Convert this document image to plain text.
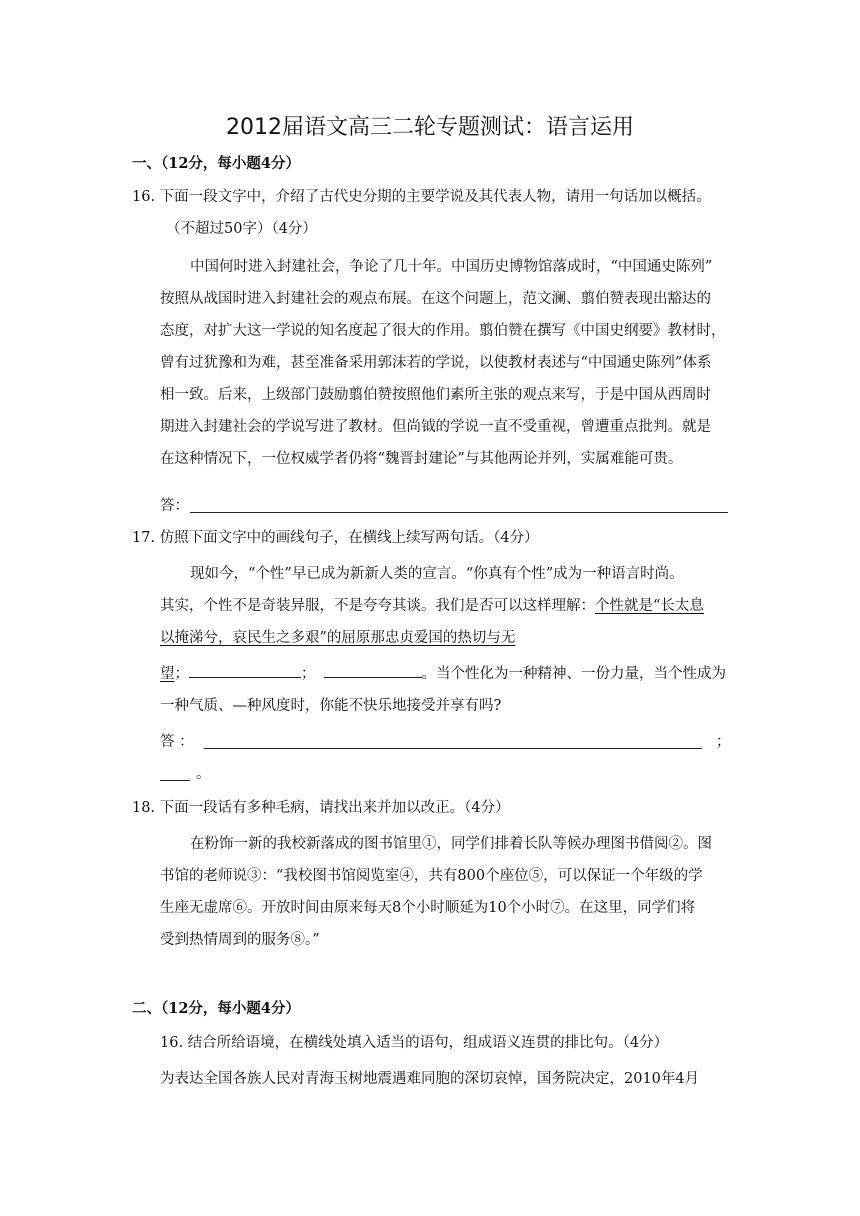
2012届语文高三二轮专题测试：语言运用
一、（12分，每小题4分）
16. 下面一段文字中，介绍了古代史分期的主要学说及其代表人物，请用一句话加以概括。
（不超过50字）（4分）
中国何时进入封建社会，争论了几十年。中国历史博物馆落成时，“中国通史陈列”
按照从战国时进入封建社会的观点布展。在这个问题上，范文澜、翦伯赞表现出豁达的
态度，对扩大这一学说的知名度起了很大的作用。翦伯赞在撰写《中国史纲要》教材时，
曾有过犹豫和为难，甚至准备采用郭沫若的学说，以使教材表述与“中国通史陈列”体系
相一致。后来，上级部门鼓励翦伯赞按照他们素所主张的观点来写，于是中国从西周时
期进入封建社会的学说写进了教材。但尚钺的学说一直不受重视，曾遭重点批判。就是
在这种情况下，一位权威学者仍将“魏晋封建论”与其他两论并列，实属难能可贵。
答：
17. 仿照下面文字中的画线句子，在横线上续写两句话。（4分）
现如今，“个性”早已成为新新人类的宣言。“你真有个性”成为一种语言时尚。
其实，个性不是奇装异服，不是夸夸其谈。我们是否可以这样理解：个性就是“长太息
以掩涕兮，哀民生之多艰”的屈原那忠贞爱国的热切与无
望；	；	。当个性化为一种精神、一份力量，当个性成为
一种气质、—种风度时，你能不快乐地接受并享有吗?
答 ：	；
。
18. 下面一段话有多种毛病，请找出来并加以改正。（4分）
在粉饰一新的我校新落成的图书馆里①，同学们排着长队等候办理图书借阅②。图
书馆的老师说③：“我校图书馆阅览室④，共有800个座位⑤，可以保证一个年级的学
生座无虚席⑥。开放时间由原来每天8个小时顺延为10个小时⑦。在这里，同学们将
受到热情周到的服务⑧。”
二、（12分，每小题4分）
16. 结合所给语境，在横线处填入适当的语句，组成语义连贯的排比句。（4分）
为表达全国各族人民对青海玉树地震遇难同胞的深切哀悼，国务院决定，2010年4月
